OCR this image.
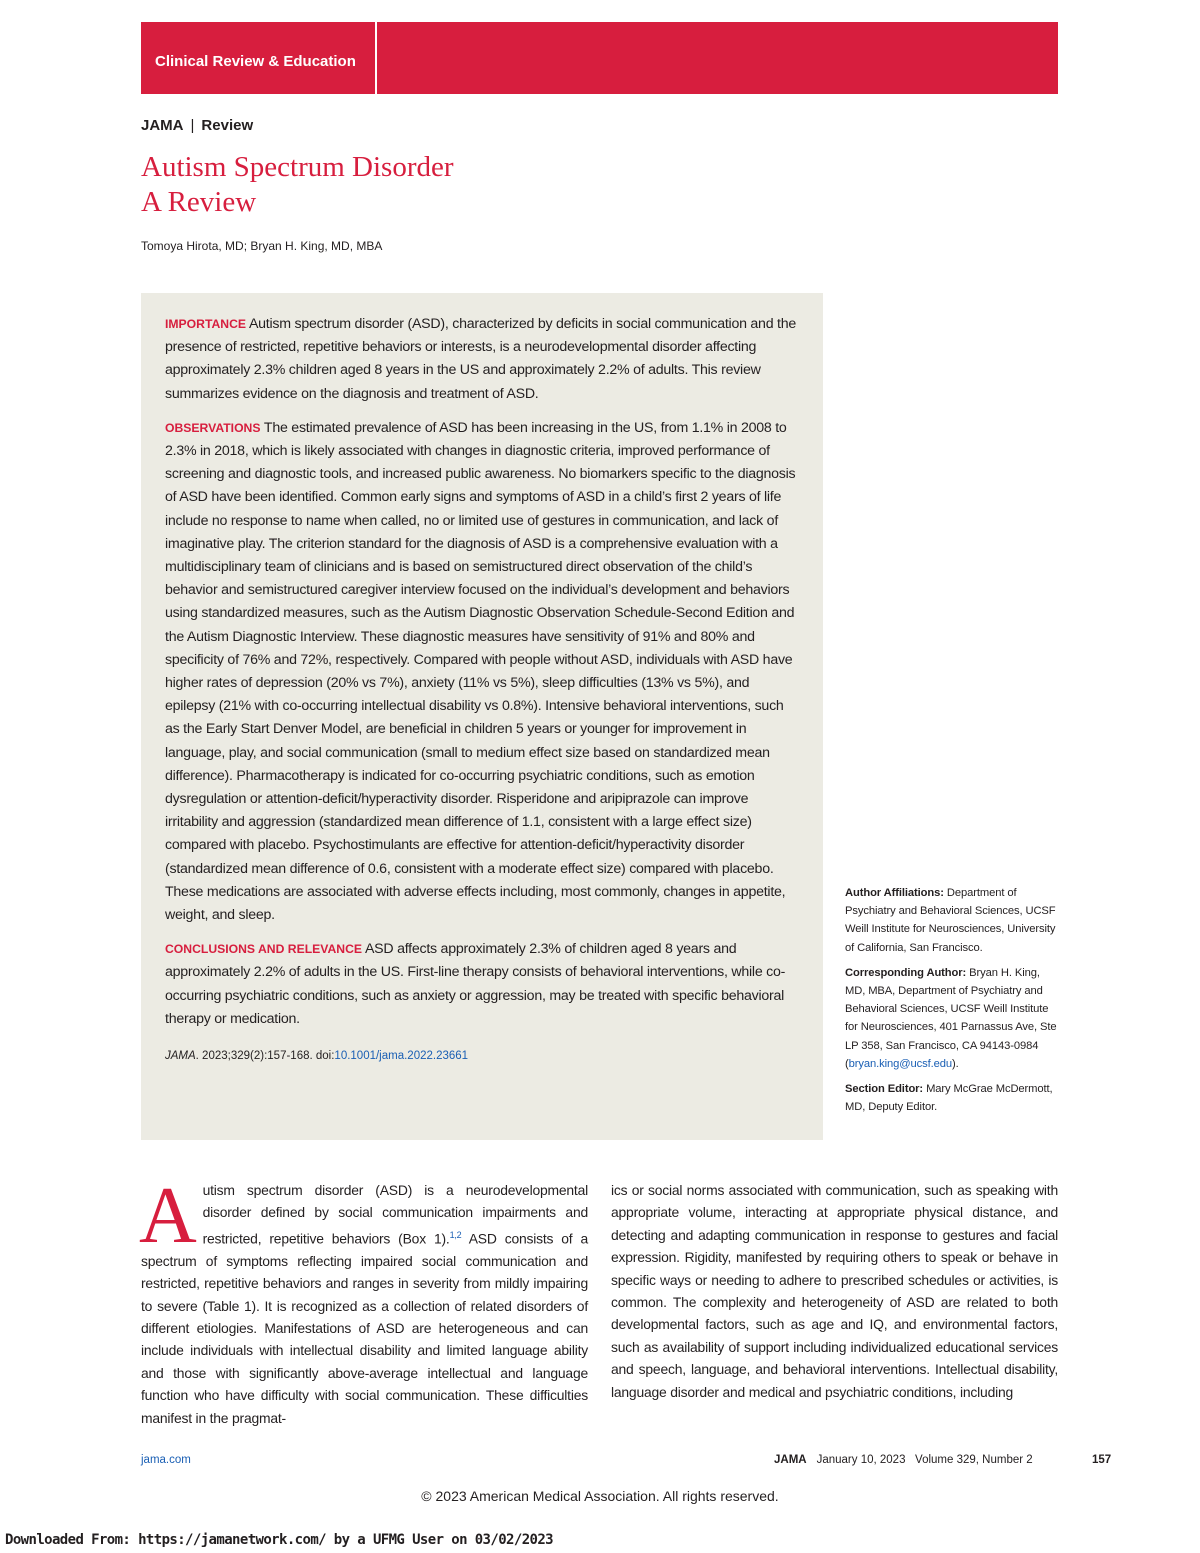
Clinical Review & Education
JAMA | Review
Autism Spectrum Disorder
A Review
Tomoya Hirota, MD; Bryan H. King, MD, MBA

IMPORTANCE Autism spectrum disorder (ASD), characterized by deficits in social communication and the presence of restricted, repetitive behaviors or interests, is a neurodevelopmental disorder affecting approximately 2.3% children aged 8 years in the US and approximately 2.2% of adults. This review summarizes evidence on the diagnosis and treatment of ASD.

OBSERVATIONS The estimated prevalence of ASD has been increasing in the US, from 1.1% in 2008 to 2.3% in 2018, which is likely associated with changes in diagnostic criteria, improved performance of screening and diagnostic tools, and increased public awareness. No biomarkers specific to the diagnosis of ASD have been identified. Common early signs and symptoms of ASD in a child’s first 2 years of life include no response to name when called, no or limited use of gestures in communication, and lack of imaginative play. The criterion standard for the diagnosis of ASD is a comprehensive evaluation with a multidisciplinary team of clinicians and is based on semistructured direct observation of the child’s behavior and semistructured caregiver interview focused on the individual’s development and behaviors using standardized measures, such as the Autism Diagnostic Observation Schedule-Second Edition and the Autism Diagnostic Interview. These diagnostic measures have sensitivity of 91% and 80% and specificity of 76% and 72%, respectively. Compared with people without ASD, individuals with ASD have higher rates of depression (20% vs 7%), anxiety (11% vs 5%), sleep difficulties (13% vs 5%), and epilepsy (21% with co-occurring intellectual disability vs 0.8%). Intensive behavioral interventions, such as the Early Start Denver Model, are beneficial in children 5 years or younger for improvement in language, play, and social communication (small to medium effect size based on standardized mean difference). Pharmacotherapy is indicated for co-occurring psychiatric conditions, such as emotion dysregulation or attention-deficit/hyperactivity disorder. Risperidone and aripiprazole can improve irritability and aggression (standardized mean difference of 1.1, consistent with a large effect size) compared with placebo. Psychostimulants are effective for attention-deficit/hyperactivity disorder (standardized mean difference of 0.6, consistent with a moderate effect size) compared with placebo. These medications are associated with adverse effects including, most commonly, changes in appetite, weight, and sleep.

CONCLUSIONS AND RELEVANCE ASD affects approximately 2.3% of children aged 8 years and approximately 2.2% of adults in the US. First-line therapy consists of behavioral interventions, while co-occurring psychiatric conditions, such as anxiety or aggression, may be treated with specific behavioral therapy or medication.

JAMA. 2023;329(2):157-168. doi:10.1001/jama.2022.23661

Author Affiliations: Department of Psychiatry and Behavioral Sciences, UCSF Weill Institute for Neurosciences, University of California, San Francisco.

Corresponding Author: Bryan H. King, MD, MBA, Department of Psychiatry and Behavioral Sciences, UCSF Weill Institute for Neurosciences, 401 Parnassus Ave, Ste LP 358, San Francisco, CA 94143-0984 (bryan.king@ucsf.edu).

Section Editor: Mary McGrae McDermott, MD, Deputy Editor.

Autism spectrum disorder (ASD) is a neurodevelopmental disorder defined by social communication impairments and restricted, repetitive behaviors (Box 1).$^{1,2}$ ASD consists of a spectrum of symptoms reflecting impaired social communication and restricted, repetitive behaviors and ranges in severity from mildly impairing to severe (Table 1). It is recognized as a collection of related disorders of different etiologies. Manifestations of ASD are heterogeneous and can include individuals with intellectual disability and limited language ability and those with significantly above-average intellectual and language function who have difficulty with social communication. These difficulties manifest in the pragmat-

ics or social norms associated with communication, such as speaking with appropriate volume, interacting at appropriate physical distance, and detecting and adapting communication in response to gestures and facial expression. Rigidity, manifested by requiring others to speak or behave in specific ways or needing to adhere to prescribed schedules or activities, is common. The complexity and heterogeneity of ASD are related to both developmental factors, such as age and IQ, and environmental factors, such as availability of support including individualized educational services and speech, language, and behavioral interventions. Intellectual disability, language disorder and medical and psychiatric conditions, including

jama.com	JAMA January 10, 2023   Volume 329, Number 2	157
© 2023 American Medical Association. All rights reserved.
Downloaded From: https://jamanetwork.com/ by a UFMG User on 03/02/2023
